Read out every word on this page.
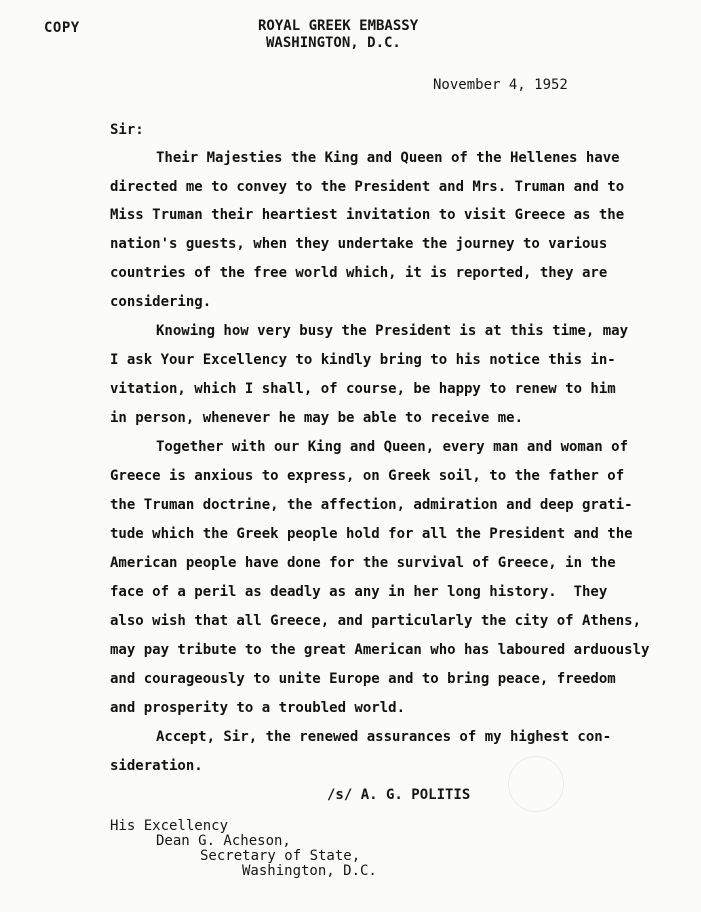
COPY	ROYAL GREEK EMBASSY
WASHINGTON, D.C.
November 4, 1952
Sir:
Their Majesties the King and Queen of the Hellenes have
directed me to convey to the President and Mrs. Truman and to
Miss Truman their heartiest invitation to visit Greece as the
nation's guests, when they undertake the journey to various
countries of the free world which, it is reported, they are
considering.
Knowing how very busy the President is at this time, may
I ask Your Excellency to kindly bring to his notice this in-
vitation, which I shall, of course, be happy to renew to him
in person, whenever he may be able to receive me.
Together with our King and Queen, every man and woman of
Greece is anxious to express, on Greek soil, to the father of
the Truman doctrine, the affection, admiration and deep grati-
tude which the Greek people hold for all the President and the
American people have done for the survival of Greece, in the
face of a peril as deadly as any in her long history.  They
also wish that all Greece, and particularly the city of Athens,
may pay tribute to the great American who has laboured arduously
and courageously to unite Europe and to bring peace, freedom
and prosperity to a troubled world.
Accept, Sir, the renewed assurances of my highest con-
sideration.
/s/ A. G. POLITIS
His Excellency
Dean G. Acheson,
Secretary of State,
Washington, D.C.
